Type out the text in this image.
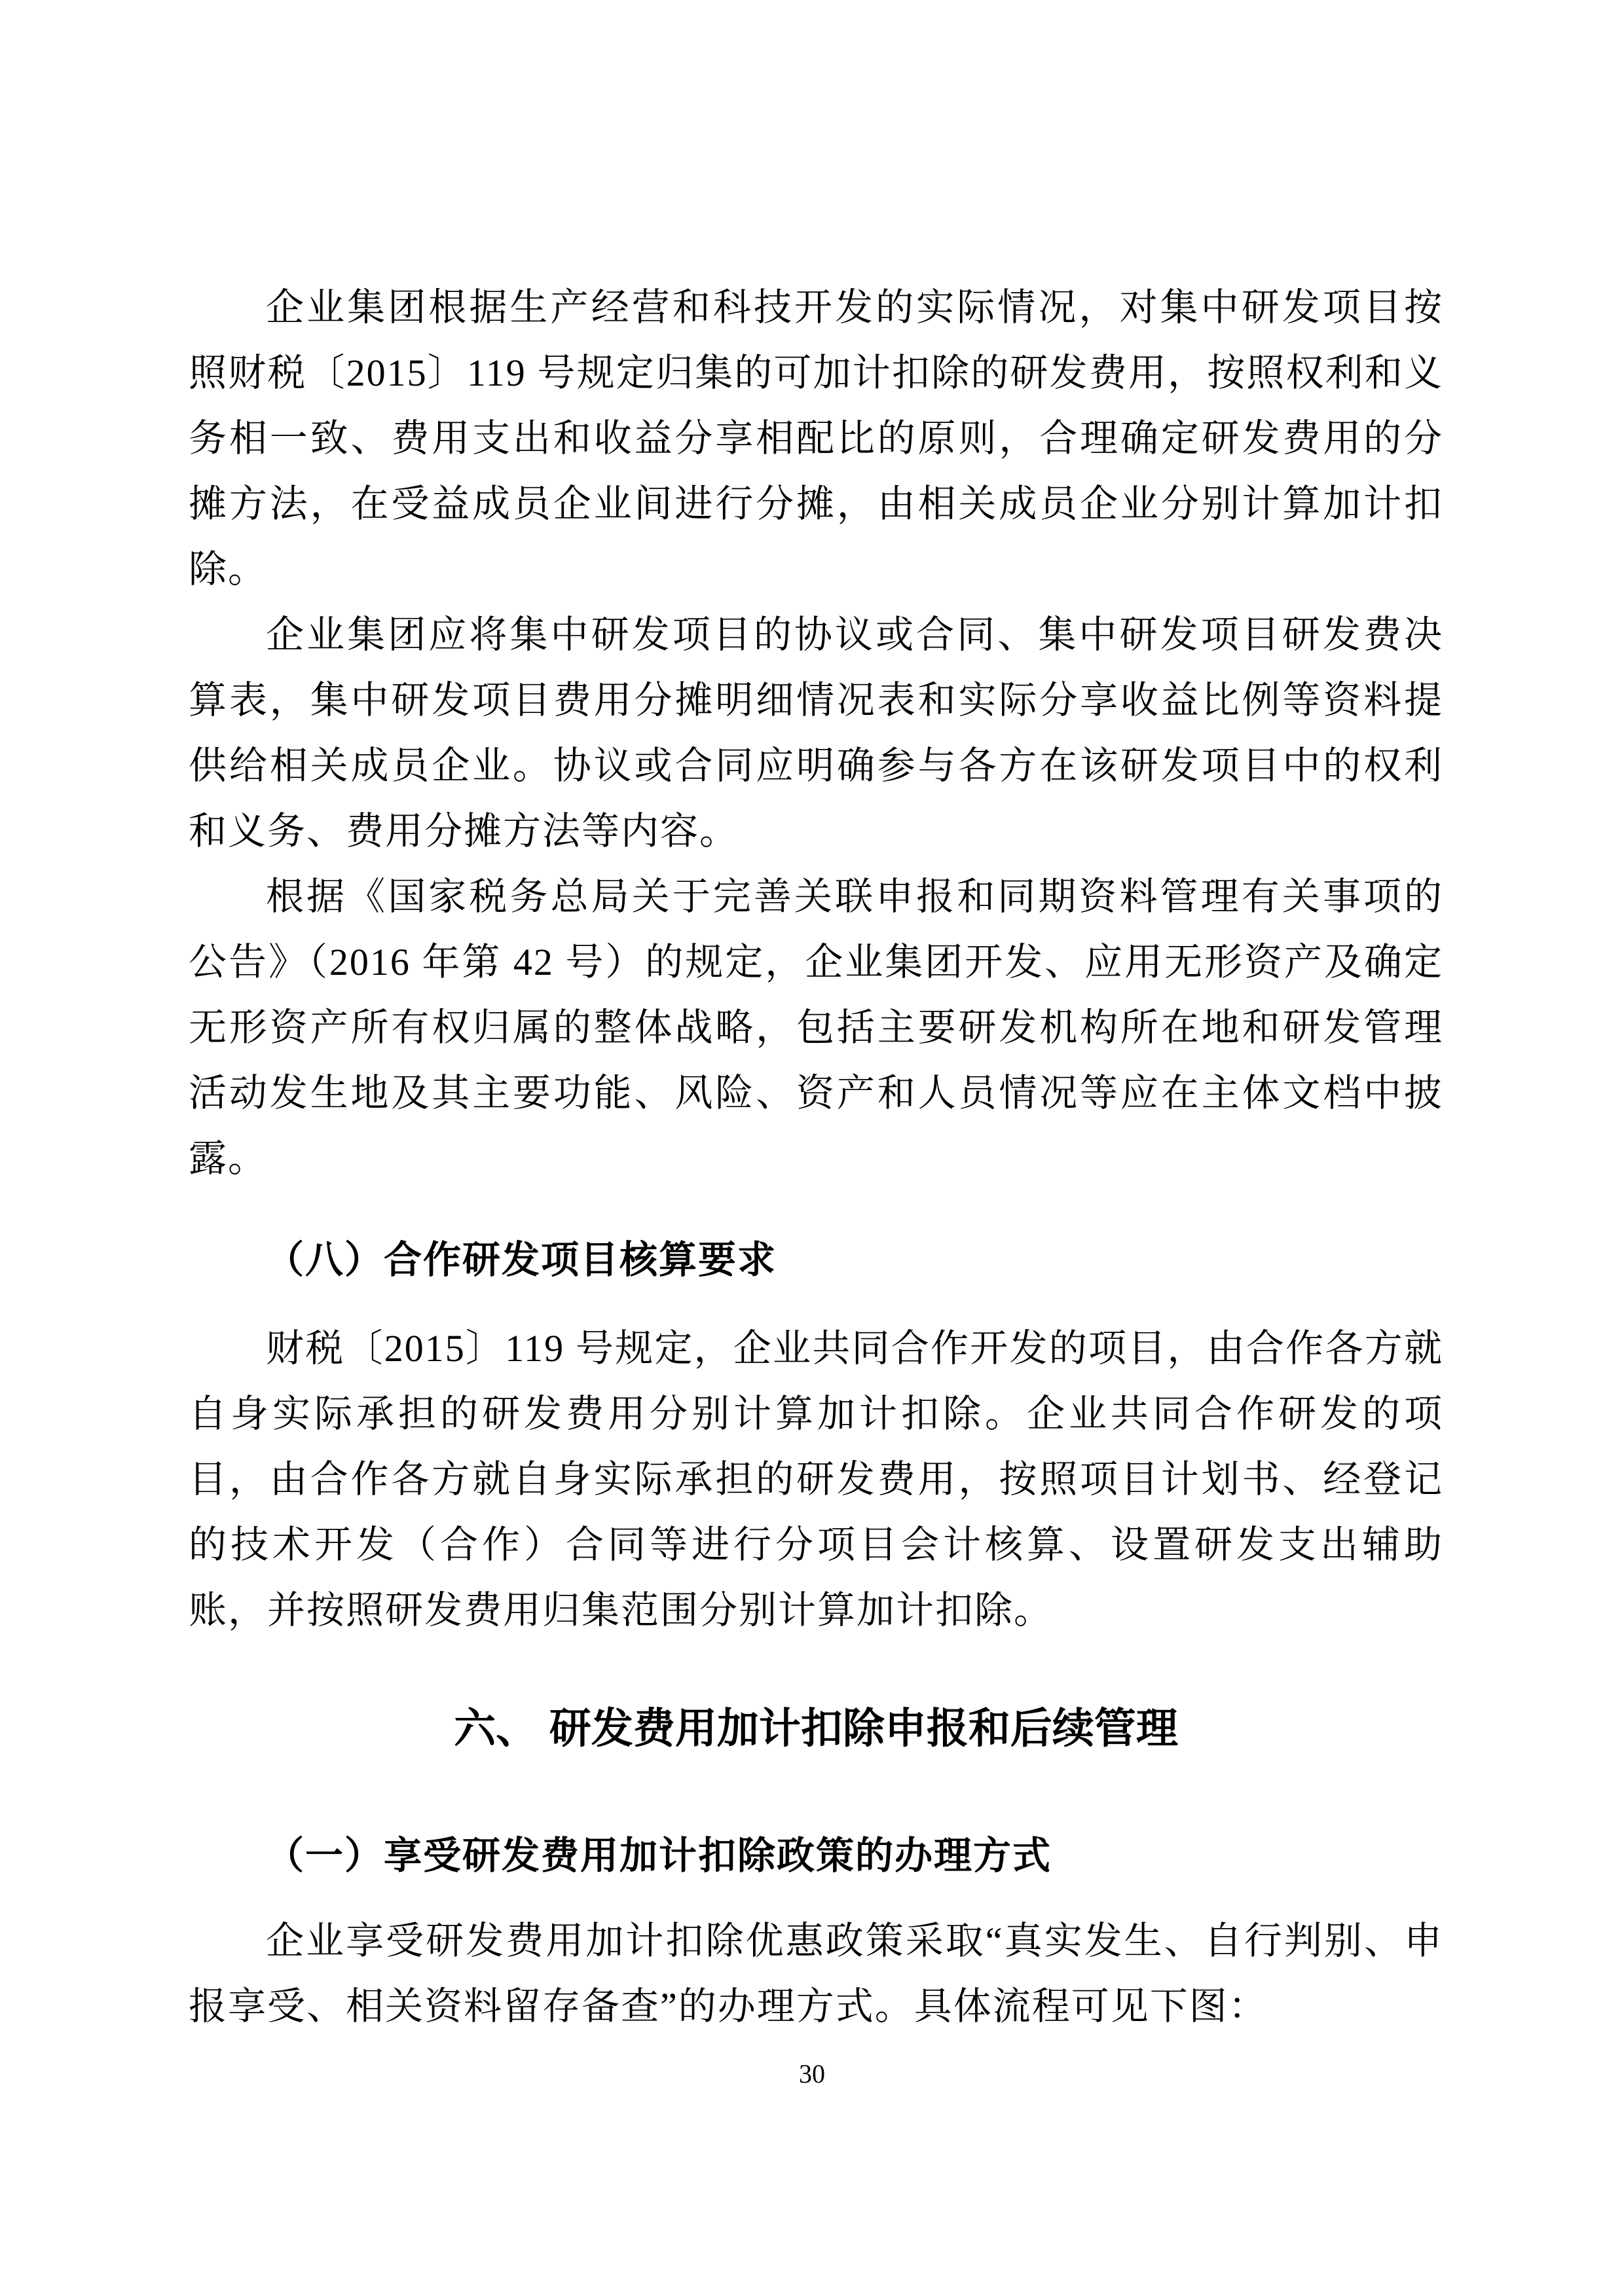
企业集团根据生产经营和科技开发的实际情况，对集中研发项目按照财税〔2015〕119 号规定归集的可加计扣除的研发费用，按照权利和义务相一致、费用支出和收益分享相配比的原则，合理确定研发费用的分摊方法，在受益成员企业间进行分摊，由相关成员企业分别计算加计扣除。

企业集团应将集中研发项目的协议或合同、集中研发项目研发费决算表，集中研发项目费用分摊明细情况表和实际分享收益比例等资料提供给相关成员企业。协议或合同应明确参与各方在该研发项目中的权利和义务、费用分摊方法等内容。

根据《国家税务总局关于完善关联申报和同期资料管理有关事项的公告》（2016 年第 42 号）的规定，企业集团开发、应用无形资产及确定无形资产所有权归属的整体战略，包括主要研发机构所在地和研发管理活动发生地及其主要功能、风险、资产和人员情况等应在主体文档中披露。

（八）合作研发项目核算要求

财税〔2015〕119 号规定，企业共同合作开发的项目，由合作各方就自身实际承担的研发费用分别计算加计扣除。企业共同合作研发的项目，由合作各方就自身实际承担的研发费用，按照项目计划书、经登记的技术开发（合作）合同等进行分项目会计核算、设置研发支出辅助账，并按照研发费用归集范围分别计算加计扣除。

六、 研发费用加计扣除申报和后续管理
（一）享受研发费用加计扣除政策的办理方式

企业享受研发费用加计扣除优惠政策采取“真实发生、自行判别、申报享受、相关资料留存备查”的办理方式。具体流程可见下图：

30
